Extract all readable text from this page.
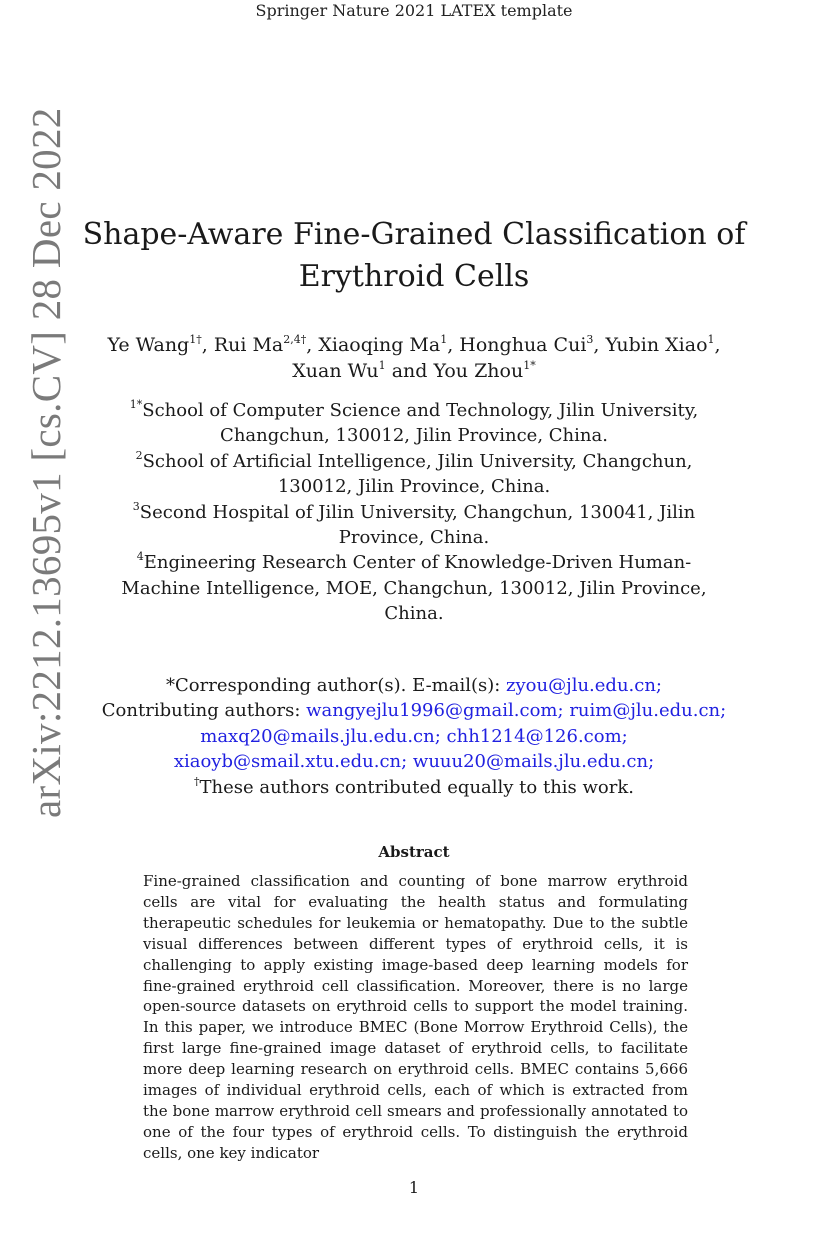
Springer Nature 2021 LATEX template
arXiv:2212.13695v1 [cs.CV] 28 Dec 2022 Shape-Aware Fine-Grained Classification of Erythroid Cells
Ye Wang$^{1\dagger}$, Rui $Ma^{2,4\dagger}$, Xiaoqing Ma$^1$, Honghua Cui$^3$, Yubin Xiao$^1$, Xuan Wu$^1$ and You Zhou$^{1*}$
$^{1*}$School of Computer Science and Technology, Jilin University, Changchun, 130012, Jilin Province, China.
$^2$School of Artificial Intelligence, Jilin University, Changchun, 130012, Jilin Province, China.
$^3$Second Hospital of Jilin University, Changchun, 130041, Jilin Province, China.
$^4$Engineering Research Center of Knowledge-Driven Human-Machine Intelligence, MOE, Changchun, 130012, Jilin Province, China.
*Corresponding author(s). E-mail(s): zyou@jlu.edu.cn;
Contributing authors: wangyejlu1996@gmail.com; ruim@jlu.edu.cn; maxq20@mails.jlu.edu.cn; chh1214@126.com; xiaoyb@smail.xtu.edu.cn; wuuu20@mails.jlu.edu.cn;
†These authors contributed equally to this work.
Abstract

Fine-grained classification and counting of bone marrow erythroid cells are vital for evaluating the health status and formulating therapeutic schedules for leukemia or hematopathy. Due to the subtle visual differences between different types of erythroid cells, it is challenging to apply existing image-based deep learning models for fine-grained erythroid cell classification. Moreover, there is no large open-source datasets on erythroid cells to support the model training. In this paper, we introduce BMEC (Bone Morrow Erythroid Cells), the first large fine-grained image dataset of erythroid cells, to facilitate more deep learning research on erythroid cells. BMEC contains 5,666 images of individual erythroid cells, each of which is extracted from the bone marrow erythroid cell smears and professionally annotated to one of the four types of erythroid cells. To distinguish the erythroid cells, one key indicator

1
